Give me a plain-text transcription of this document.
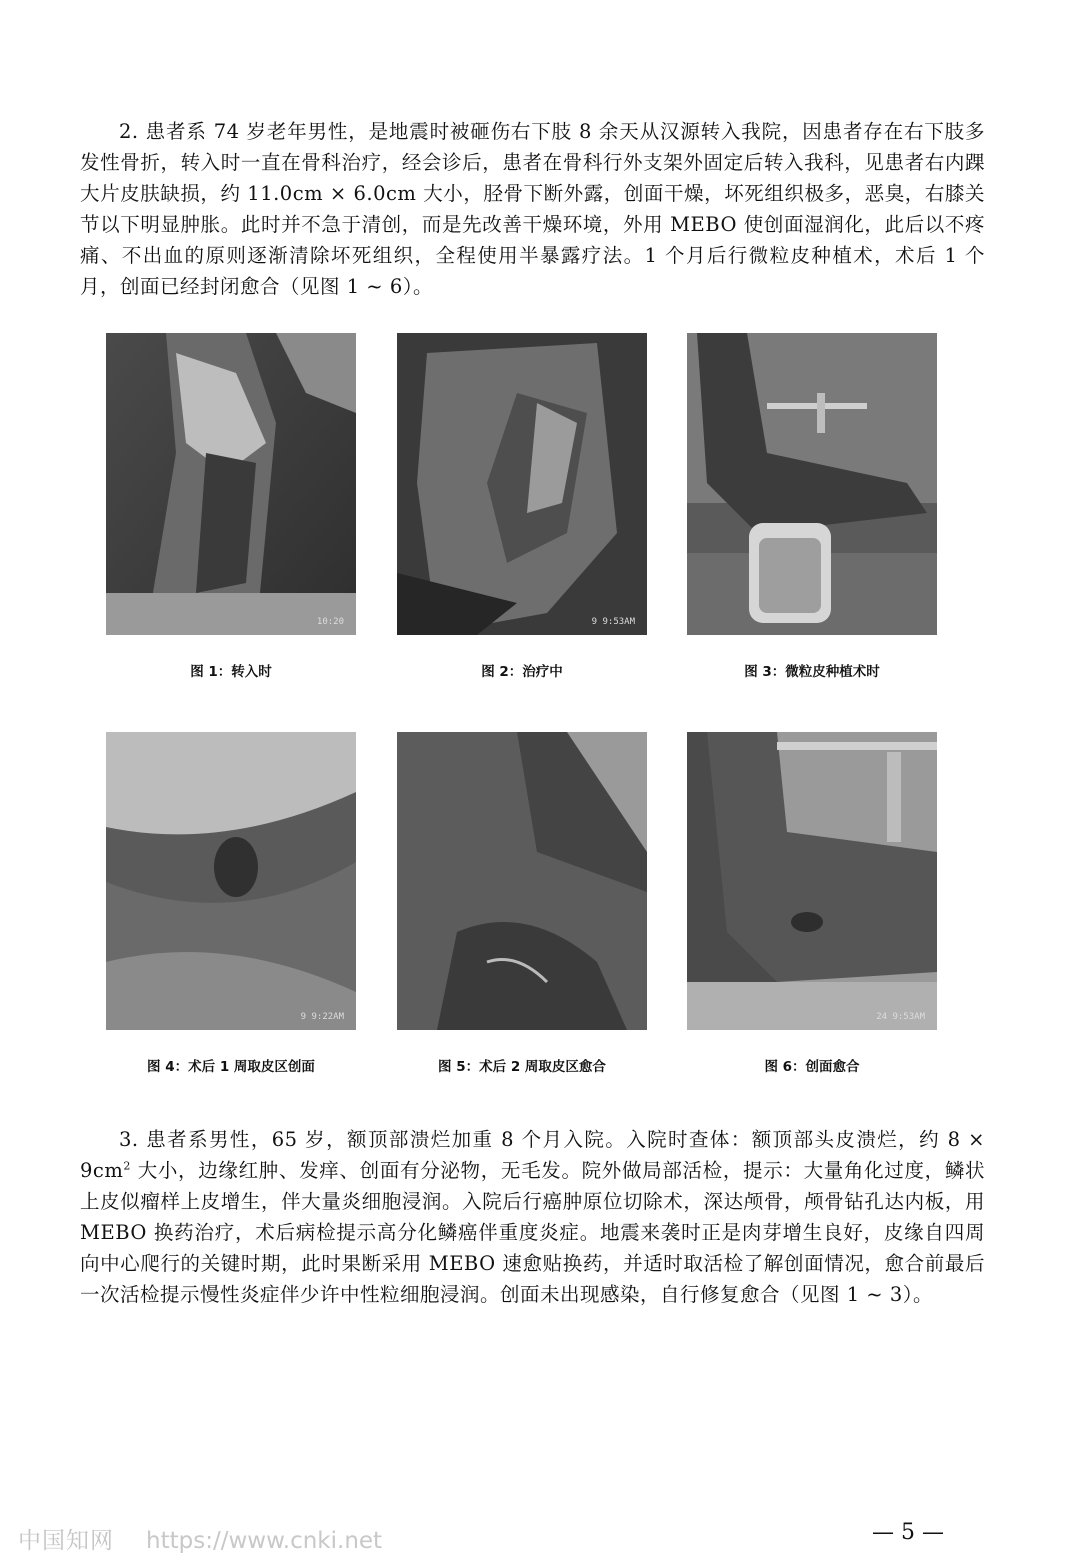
2. 患者系 74 岁老年男性，是地震时被砸伤右下肢 8 余天从汉源转入我院，因患者存在右下肢多发性骨折，转入时一直在骨科治疗，经会诊后，患者在骨科行外支架外固定后转入我科，见患者右内踝大片皮肤缺损，约 11.0cm × 6.0cm 大小，胫骨下断外露，创面干燥，坏死组织极多，恶臭，右膝关节以下明显肿胀。此时并不急于清创，而是先改善干燥环境，外用 MEBO 使创面湿润化，此后以不疼痛、不出血的原则逐渐清除坏死组织，全程使用半暴露疗法。1 个月后行微粒皮种植术，术后 1 个月，创面已经封闭愈合（见图 1 ~ 6）。

10:20
图 1：转入时
9 9:53AM
图 2：治疗中	图 3：微粒皮种植术时
9 9:22AM
图 4：术后 1 周取皮区创面	图 5：术后 2 周取皮区愈合
24 9:53AM
图 6：创面愈合

3. 患者系男性，65 岁，额顶部溃烂加重 8 个月入院。入院时查体：额顶部头皮溃烂，约 $8 \times 9cm^2$ 大小，边缘红肿、发痒、创面有分泌物，无毛发。院外做局部活检，提示：大量角化过度，鳞状上皮似瘤样上皮增生，伴大量炎细胞浸润。入院后行癌肿原位切除术，深达颅骨，颅骨钻孔达内板，用 MEBO 换药治疗，术后病检提示高分化鳞癌伴重度炎症。地震来袭时正是肉芽增生良好，皮缘自四周向中心爬行的关键时期，此时果断采用 MEBO 速愈贴换药，并适时取活检了解创面情况，愈合前最后一次活检提示慢性炎症伴少许中性粒细胞浸润。创面未出现感染，自行修复愈合（见图 1 ~ 3）。

— 5 —
中国知网 https://www.cnki.net
